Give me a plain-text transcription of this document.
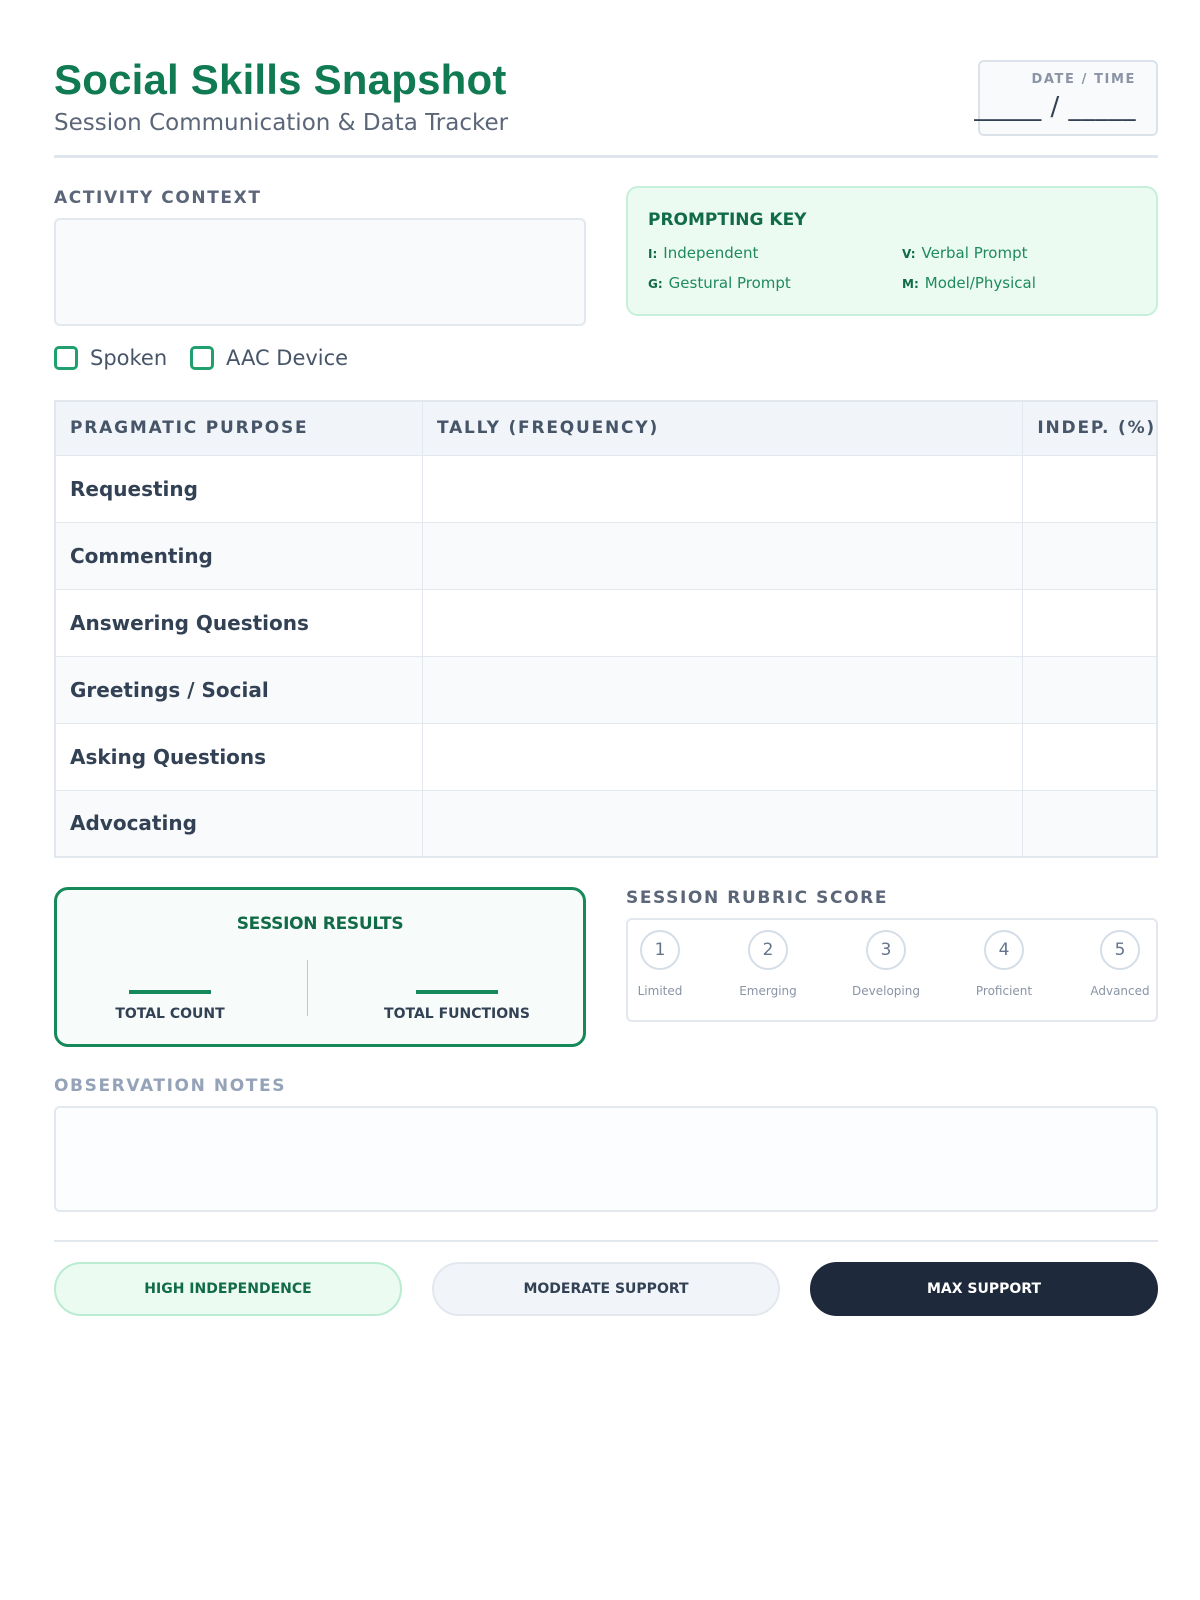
Social Skills Snapshot
Session Communication & Data Tracker
DATE / TIME
_____ / _____
ACTIVITY CONTEXT
PROMPTING KEY
I: Independent	V: Verbal Prompt
G: Gestural Prompt	M: Model/Physical
Spoken	AAC Device
PRAGMATIC PURPOSE	TALLY (FREQUENCY)	INDEP. (%)
Requesting		
Commenting		
Answering Questions		
Greetings / Social		
Asking Questions		
Advocating		
SESSION RESULTS
TOTAL COUNT	TOTAL FUNCTIONS
SESSION RUBRIC SCORE
1
Limited
2
Emerging
3
Developing
4
Proficient
5
Advanced
OBSERVATION NOTES
HIGH INDEPENDENCE	MODERATE SUPPORT	MAX SUPPORT
